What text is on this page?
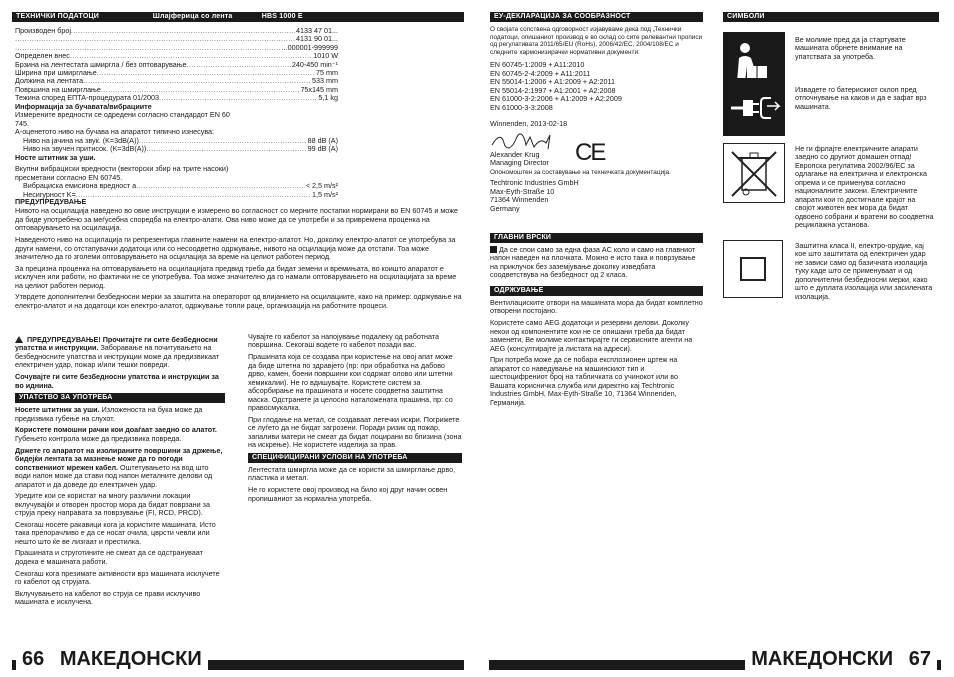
ТЕХНИЧКИ ПОДАТОЦИ	Шлајферица со лента	HBS 1000 E
Производен број .....	4133 47 01...
.....
4131 90 01...
.....
...000001-999999
Определен внес .....	1010 W
Брзина на лентестата шмиргла / без оптоварување .....	240-450 min⁻¹
Ширина при шмирглањe .....	75 mm
Должина на лентата .....	533 mm
Површина на шмирглање .....	75x145 mm
Тежина според ЕПТА-процедурата 01/2003 .....	5,1 kg
Информација за бучавата/вибрациите
Измерените вредности се одредени согласно стандардот EN 60 745.
А-оценетото ниво на бучава на апаратот типично изнесува:
Ниво на јачина на звук. (K=3dB(A)) .....	88 dB (A)
Ниво на звучен притисок. (K=3dB(A)) .....	99 dB (A)
Носте штитник за уши.
Вкупни вибрациски вредности (векторски збир на трите насоки) пресметани согласно EN 60745.
Вибрациска емисиона вредност a .....	< 2,5 m/s²
Несигурност K= .....	1,5 m/s²
ПРЕДУПРЕДУВАЊЕ

Нивото на осцилација наведено во овие инструкции е измерено во согласност со мерните постапки нормирани во EN 60745 и може да биде употребено за меѓусебна споредба на електро-алати. Ова ниво може да се употреби и за привремена проценка на оптоварувањето на осцилација.

Наведеното ниво на осцилација ги репрезентира главните намени на електро-алатот. Но, доколку електро-алатот се употребува за други намени, со отстапувачки додатоци или со несоодветно одржување, нивото на осцилација може да отстапи. Тоа може значително да го зголеми оптоварувањето на осцилација за време на целиот работен период.

За прецизна проценка на оптоварувањето на осцилацијата предвид треба да бидат земени и времињата, во коишто апаратот е исклучен или работи, но фактички не се употребува. Тоа може значително да го намали оптоварувањето на осцилацијата за време на целиот работен период.

Утврдете дополнителни безбедносни мерки за заштита на операторот од влијанието на осцилациите, како на пример: одржување на електро-алатот и на додатоци кон електро-алатот, одржување топли раце, организација на работните процеси.

ПРЕДУПРЕДУВАЊЕ! Прочитајте ги сите безбедносни упатства и инструкции. Заборавање на почитувањето на безбедносните упатства и инструкции може да предизвикаат електричен удар, пожар и/или тешки повреди.

Сочувајте ги сите безбедносни упатства и инструкции за во иднина.

УПАТСТВО ЗА УПОТРЕБА

Носете штитник за уши. Изложеноста на бука може да предизвика губење на слухот.

Користете помошни рачки кои доаѓаат заедно со алатот. Губењето контрола може да предизвика повреда.

Држете го апаратот на изолираните површини за држење, бидејќи лентата за мазнење може да го погоди сопственииот мрежен кабел. Оштетувањето на вод што води напон може да стави под напон металните делови од апаратот и да доведе до електричен удар.

Уредите кои се користат на многу различни локации вклучувајќи и отворен простор мора да бидат поврзани за струја преку направата за поврзување (FI, RCD, PRCD).

Секогаш носете ракавици кога ја користите машината. Исто така препорачливо е да се носат очила, цврсти чевли или нешто што ќе ве лизгаат и престилка.

Прашината и струготините не смеат да се одстрануваат додека е машината работи.

Секогаш кога презимате активности врз машината исклучете го кабелот од струјата.

Вклучувањето на кабелот во струја се прави исклучиво машината е исклучена.

Чувајте го кабелот за напојување подалеку од работната површина. Секогаш водете го кабелот позади вас.

Прашината која се создава при користење на овој апат може да биде штетна по здравјето (пр: при обработка на дабово дрво, камен, боени површини кои содржат олово или штетни хемикалии). Не го вдишувајте. Користете систем за абсорбирање на прашината и носете соодветна заштитна маска. Одстранете ја целосно наталожената прашина, пр: со правосмукалка.

При глодање на метал, се создаваат летечки искри. Погрижете се луѓето да не бидат загрозени. Поради ризик од пожар, запаливи матери не смеат да бидат лоцирани во близина (зона на искрење). Не користете изделија за прав.

СПЕЦИФИЦИРАНИ УСЛОВИ НА УПОТРЕБА

Лентестата шмиргла може да се користи за шмирглање дрво, пластика и метал.

Не го користете овој производ на било кој друг начин освен пропишаниот за нормална употреба.

66 МАКЕДОНСКИ
ЕУ-ДЕКЛАРАЦИЈА ЗА СООБРАЗНОСТ
О својата сопствена одговорност изјавуваме дека под „Технички податоци, опишаниот производ е во склад со сите релевантни прописи од регулативата 2011/65/EU (RoHs), 2006/42/EC, 2004/108/EC и следните хармонизирачки нормативни документи:
EN 60745-1:2009 + A11:2010
EN 60745-2-4:2009 + A11:2011
EN 55014-1:2006 + A1:2009 + A2:2011
EN 55014-2:1997 + A1:2001 + A2:2008
EN 61000-3-2:2006 + A1:2009 + A2:2009
EN 61000-3-3:2008
Winnenden, 2013-02-18
Alexander Krug
Managing Director CE
Опономоштен за составување на техничката документација.
Techtronic Industries GmbH
Max-Eyth-Straße 10
71364 Winnenden
Germany
ГЛАВНИ ВРСКИ

Да се спои само за една фаза AC коло и само на главниот напон наведен на плочката. Можно е исто така и поврзување на приклучок без заземјување доколку изведбата соодветствува на безбедност од 2 класа.

ОДРЖУВАЊЕ

Вентилациските отвори на машината мора да бидат комплетно отворени постојано.

Користете само AEG додатоци и резервни делови. Доколку некои од компонентите кои не се опишани треба да бидат заменети, Ве молиме контактирајте ги сервисните агенти на AEG (консултирајте ја листата на адреси).

При потреба може да се побара експлозионен цртеж на апаратот со наведување на машинскиот тип и шестоцифрениот број на табличката со учинокот или во Вашата корисничка служба или директно кај Techtronic Industries GmbH, Max-Eyth-Straße 10, 71364 Winnenden, Германија.

СИМБОЛИ
Ве молиме пред да ја стартувате машината обрнете внимание на упатствата за употреба.
Извадете го батерискиот склоп пред отпочнување на каков и да е зафат врз машината.
Не ги фрлајте електричните апарати заедно со другиот домашен отпад! Европска регулатива 2002/96/EC за одлагање на електрична и електронска опрема и се применува согласно националните закони. Електричните апарати кои го достигнале крајот на својот животен век мора да бидат одвоено собрани и вратени во соодветна рециклажна установа.
Заштитна класа II, електро-орудие, кај кое што заштитата од електричен удар не зависи само од базичната изолација туку каде што се применуваат и од дополнителни безбедносни мерки, како што е дуплата изолација или засилената изолација.
МАКЕДОНСКИ 67
